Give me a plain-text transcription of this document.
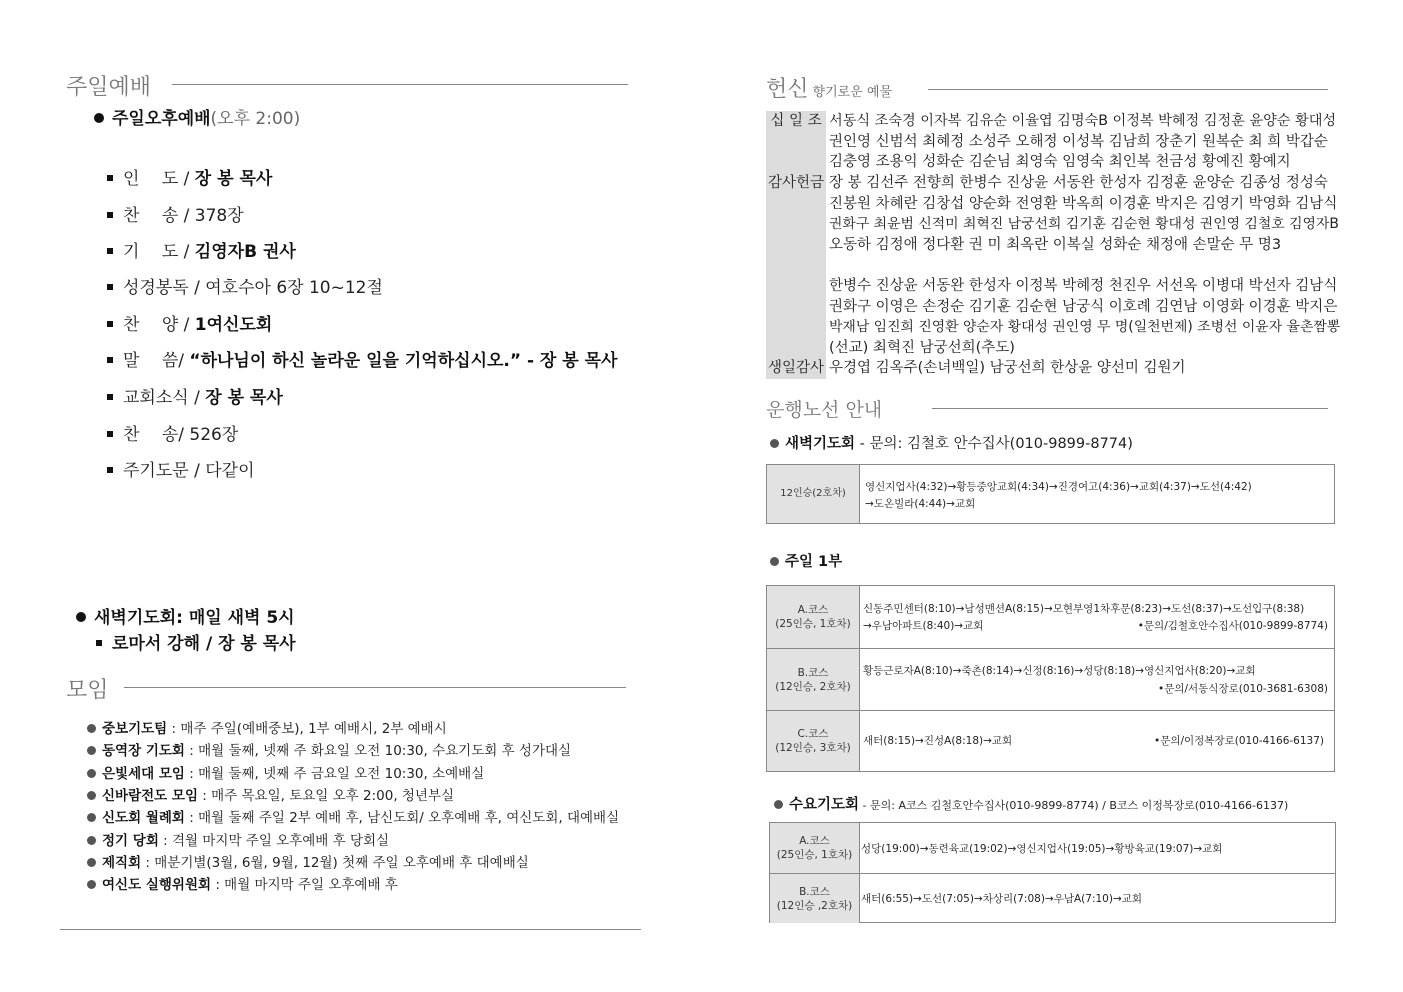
주일예배
주일오후예배(오후 2:00)
인　 도 / 장 봉 목사
찬　 송 / 378장
기　 도 / 김영자B 권사
성경봉독 / 여호수아 6장 10~12절
찬　 양 / 1여신도회
말　 씀/ “하나님이 하신 놀라운 일을 기억하십시오.” - 장 봉 목사
교회소식 / 장 봉 목사
찬　 송/ 526장
주기도문 / 다같이
새벽기도회: 매일 새벽 5시
로마서 강해 / 장 봉 목사
모임
중보기도팀 : 매주 주일(예배중보), 1부 예배시, 2부 예배시
동역장 기도회 : 매월 둘째, 넷째 주 화요일 오전 10:30, 수요기도회 후 성가대실
은빛세대 모임 : 매월 둘째, 넷째 주 금요일 오전 10:30, 소예배실
신바람전도 모임 : 매주 목요일, 토요일 오후 2:00, 청년부실
신도회 월례회 : 매월 둘째 주일 2부 예배 후, 남신도회/ 오후예배 후, 여신도회, 대예배실
정기 당회 : 격월 마지막 주일 오후예배 후 당회실
제직회 : 매분기별(3월, 6월, 9월, 12월) 첫째 주일 오후예배 후 대예배실
여신도 실행위원회 : 매월 마지막 주일 오후예배 후
헌신 향기로운 예물
십 일 조 서동식 조숙경 이자복 김유순 이율엽 김명숙B 이정복 박혜정 김정훈 윤양순 황대성
권인영 신범석 최혜정 소성주 오해정 이성복 김남희 장춘기 원복순 최 희 박갑순
김충영 조용익 성화순 김순님 최영숙 임영숙 최인복 천금성 황예진 황예지
감사헌금 장 봉 김선주 전향희 한병수 진상윤 서동완 한성자 김정훈 윤양순 김종성 정성숙
진봉원 차혜란 김창섭 양순화 전영환 박옥희 이경훈 박지은 김영기 박영화 김남식
권화구 최윤범 신적미 최혁진 남궁선희 김기훈 김순현 황대성 권인영 김철호 김영자B
오동하 김정애 정다환 권 미 최옥란 이복실 성화순 채정애 손말순 무 명3
한병수 진상윤 서동완 한성자 이정복 박혜정 천진우 서선옥 이병대 박선자 김남식
권화구 이영은 손정순 김기훈 김순현 남궁식 이호례 김연남 이영화 이경훈 박지은
박재남 임진희 진영환 양순자 황대성 권인영 무 명(일천번제) 조병선 이윤자 율촌짬뽕
(선교) 최혁진 남궁선희(추도)
생일감사 우경엽 김옥주(손녀백일) 남궁선희 한상윤 양선미 김원기
운행노선 안내
새벽기도회 - 문의: 김철호 안수집사(010-9899-8774)
12인승(2호차)
영신지업사(4:32)→황등중앙교회(4:34)→진경여고(4:36)→교회(4:37)→도선(4:42)
→도온빌라(4:44)→교회
주일 1부
A.코스
(25인승, 1호차)
신동주민센터(8:10)→남성맨션A(8:15)→모현부영1차후문(8:23)→도선(8:37)→도선입구(8:38)
→우남아파트(8:40)→교회	•문의/김철호안수집사(010-9899-8774)
B.코스
(12인승, 2호차)
황등근로자A(8:10)→죽촌(8:14)→신정(8:16)→성당(8:18)→영신지업사(8:20)→교회
•문의/서동식장로(010-3681-6308)
C.코스
(12인승, 3호차)
새터(8:15)→진성A(8:18)→교회	•문의/이정복장로(010-4166-6137)
수요기도회 - 문의: A코스 김철호안수집사(010-9899-8774) / B코스 이정복장로(010-4166-6137)
A.코스
(25인승, 1호차) 성당(19:00)→동련육교(19:02)→영신지업사(19:05)→황방육교(19:07)→교회
B.코스
(12인승 ,2호차)
새터(6:55)→도선(7:05)→차상리(7:08)→우남A(7:10)→교회
